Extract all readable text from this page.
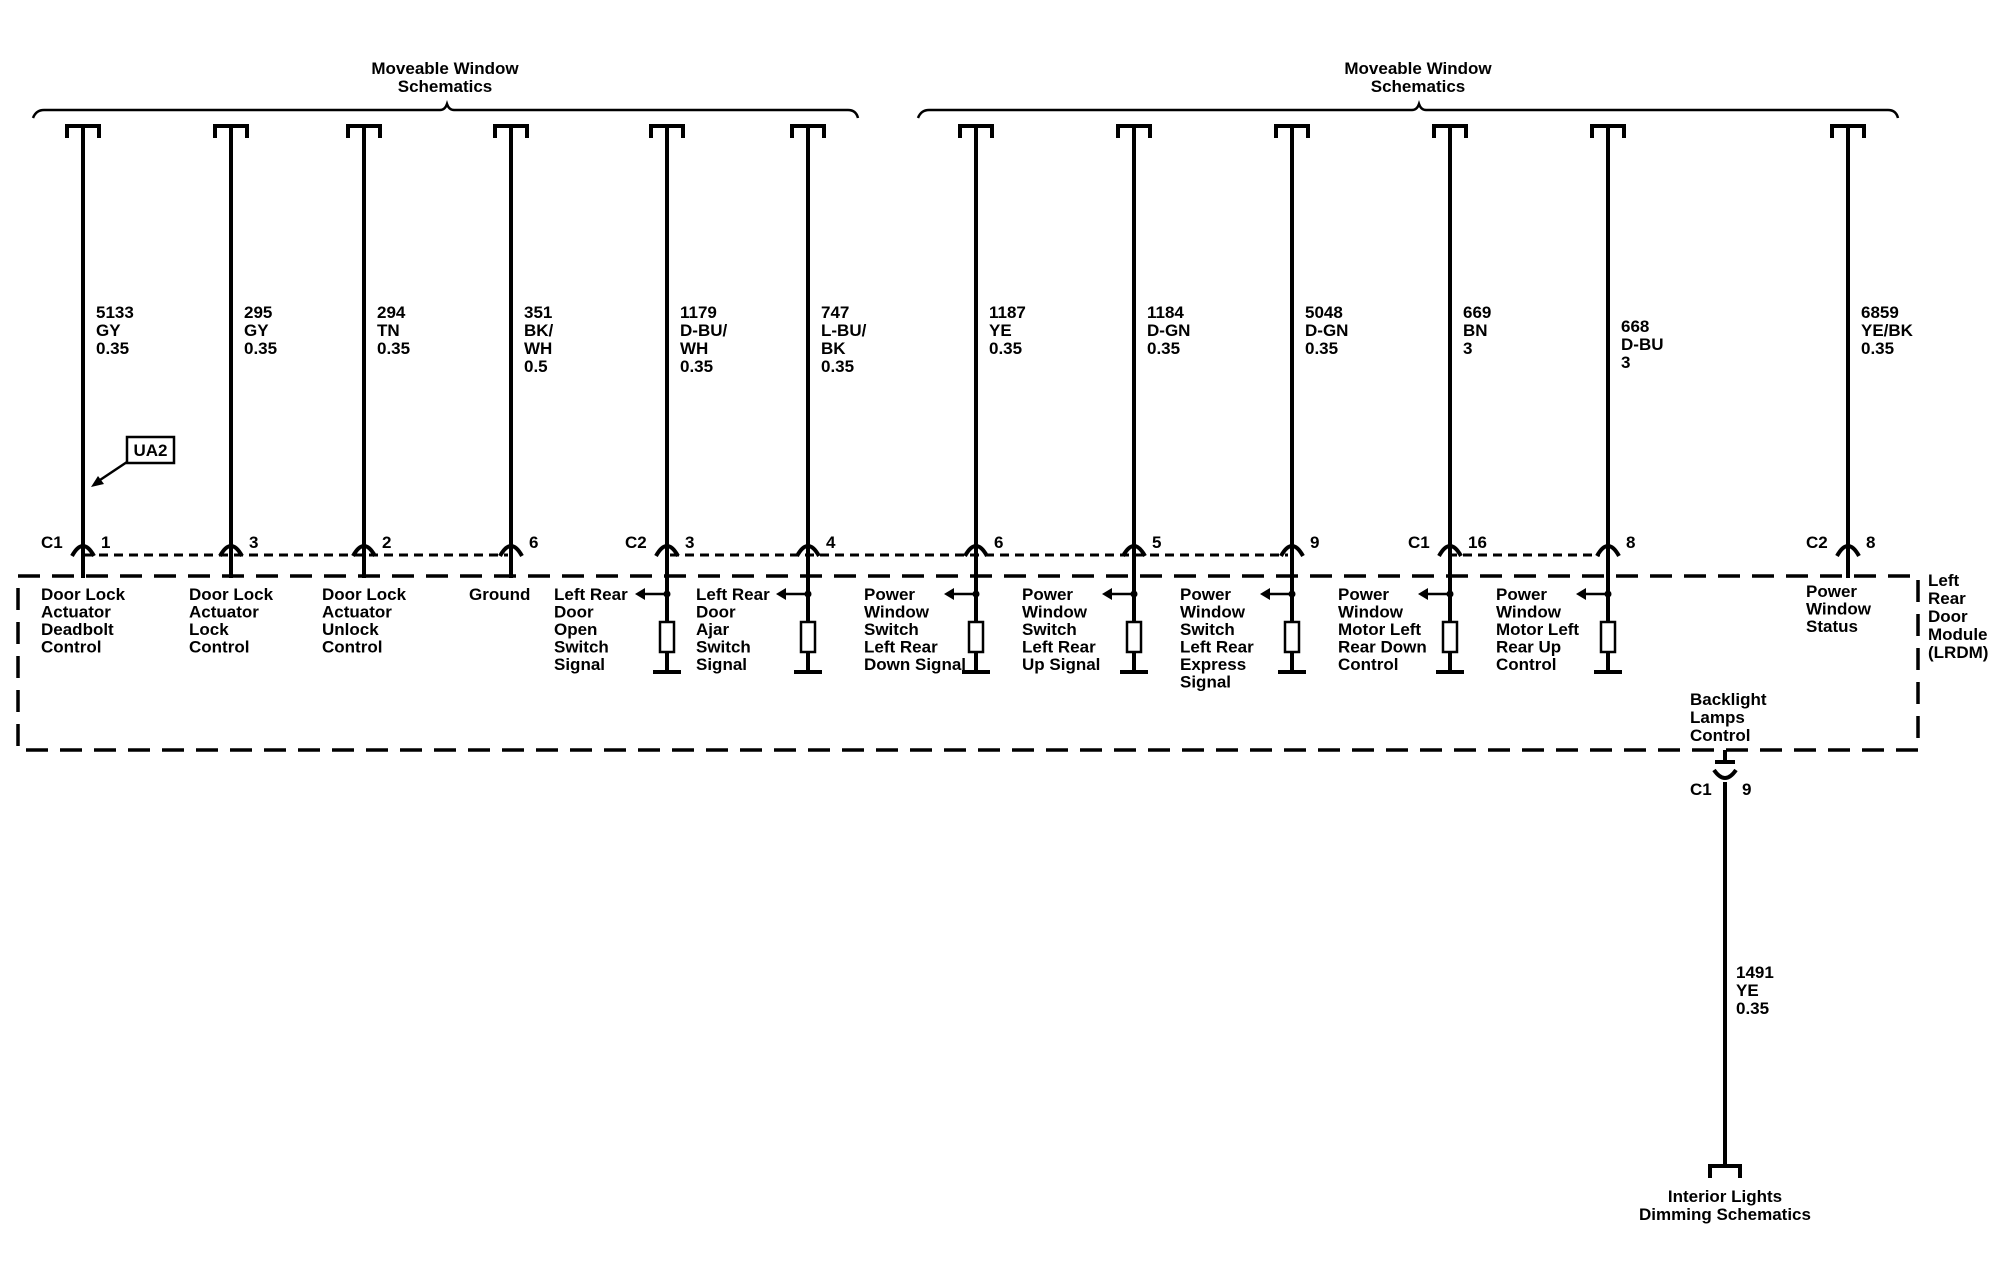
Moveable Window
Schematics
Moveable Window
Schematics
Left
Rear
Door
Module
(LRDM)
UA2
5133
GY
0.35
C1 1
Door Lock
Actuator
Deadbolt
Control
295
GY
0.35
3
Door Lock
Actuator
Lock
Control
294
TN
0.35
2
Door Lock
Actuator
Unlock
Control
351
BK/
WH
0.5
6
Ground
1179
D-BU/
WH
0.35
C2 3
Left Rear
Door
Open
Switch
Signal
747
L-BU/
BK
0.35
4
Left Rear
Door
Ajar
Switch
Signal
1187
YE
0.35
6
Power
Window
Switch
Left Rear
Down Signal
1184
D-GN
0.35
5
Power
Window
Switch
Left Rear
Up Signal
5048
D-GN
0.35
9
Power
Window
Switch
Left Rear
Express
Signal
669
BN
3
C1 16
Power
Window
Motor Left
Rear Down
Control
668
D-BU
3
8
Power
Window
Motor Left
Rear Up
Control
6859
YE/BK
0.35
C2 8
Power
Window
Status
Backlight
Lamps
Control
C1 9
1491
YE
0.35
Interior Lights
Dimming Schematics
